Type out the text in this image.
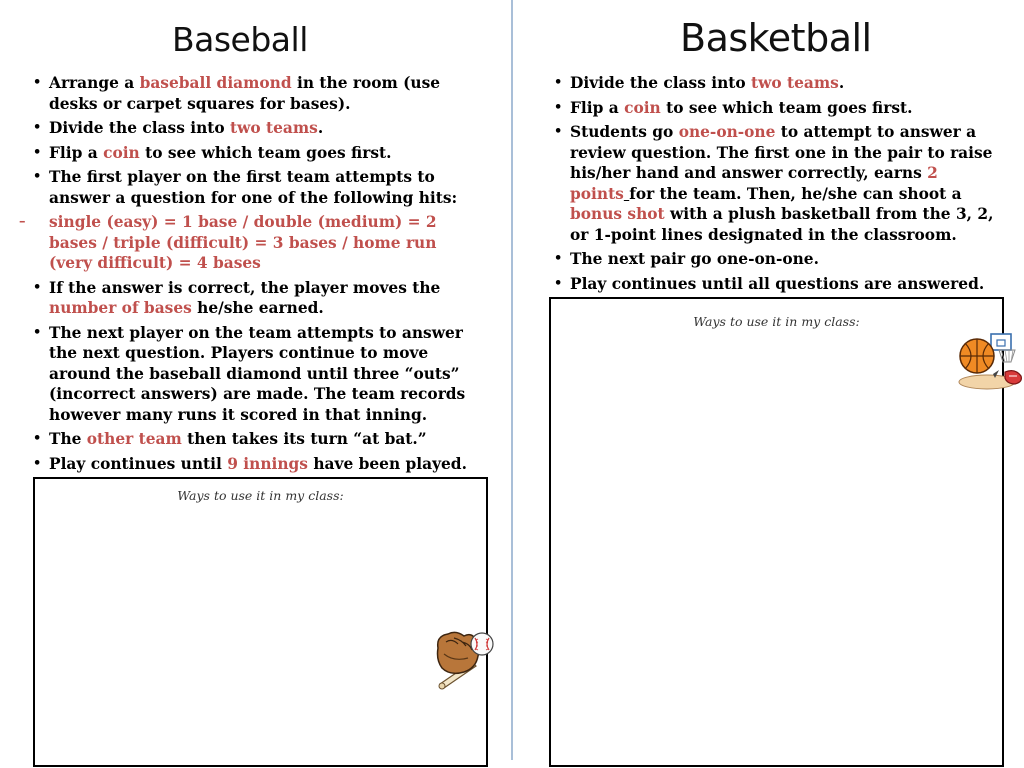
Baseball
• Arrange a baseball diamond in the room (use desks or carpet squares for bases).
• Divide the class into two teams.
• Flip a coin to see which team goes first.
• The first player on the first team attempts to answer a question for one of the following hits:
– single (easy) = 1 base / double (medium) = 2 bases / triple (difficult) = 3 bases / home run (very difficult) = 4 bases
• If the answer is correct, the player moves the number of bases he/she earned.
• The next player on the team attempts to answer the next question. Players continue to move around the baseball diamond until three “outs” (incorrect answers) are made. The team records however many runs it scored in that inning.
• The other team then takes its turn “at bat.”
• Play continues until 9 innings have been played.
Basketball
• Divide the class into two teams.
• Flip a coin to see which team goes first.
• Students go one-on-one to attempt to answer a review question. The first one in the pair to raise his/her hand and answer correctly, earns 2 points for the team. Then, he/she can shoot a bonus shot with a plush basketball from the 3, 2, or 1-point lines designated in the classroom.
• The next pair go one-on-one.
• Play continues until all questions are answered.

Ways to use it in my class:

Ways to use it in my class:
